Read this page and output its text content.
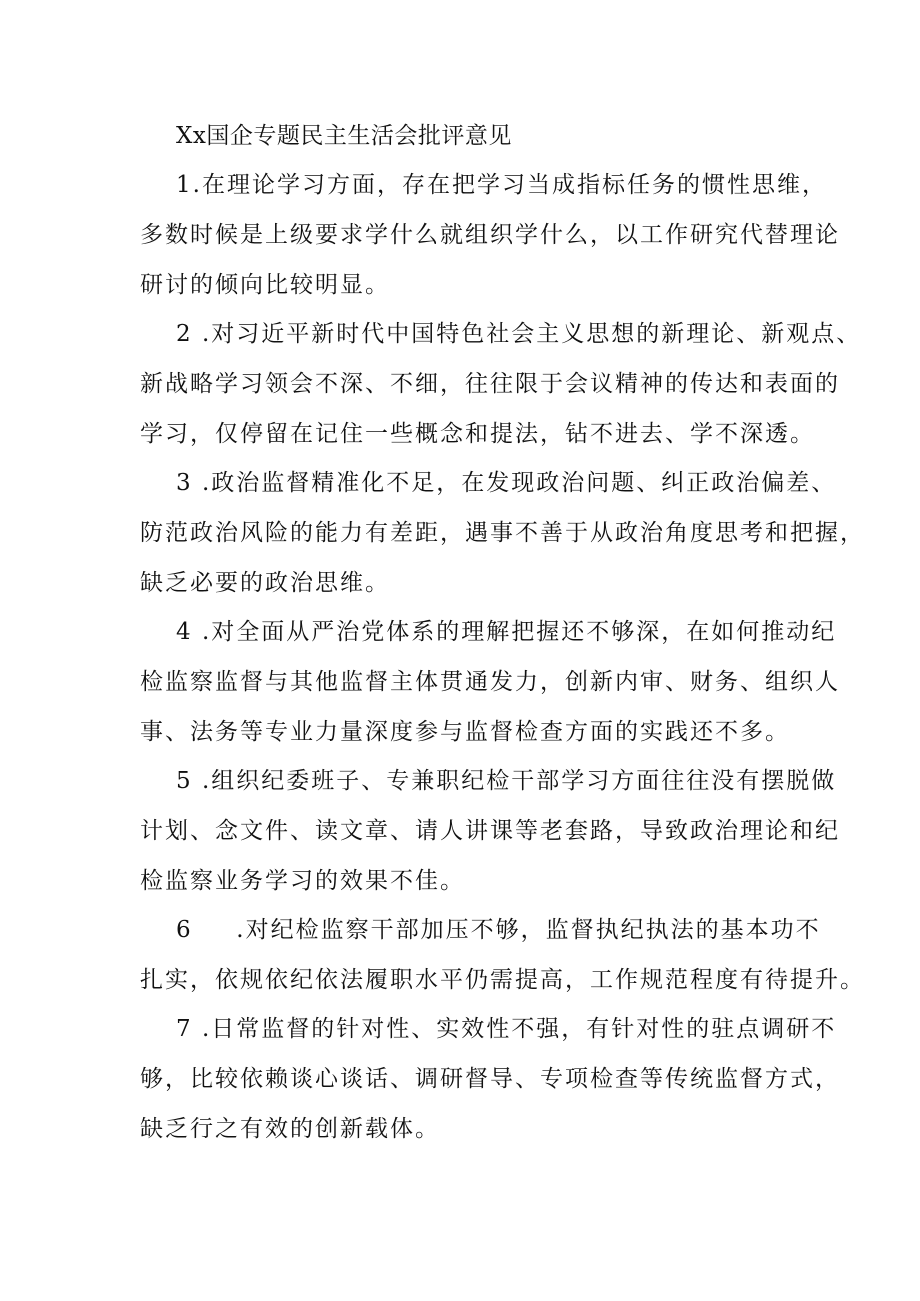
Xx国企专题民主生活会批评意见
1.在理论学习方面，存在把学习当成指标任务的惯性思维，
多数时候是上级要求学什么就组织学什么，以工作研究代替理论
研讨的倾向比较明显。
2 .对习近平新时代中国特色社会主义思想的新理论、新观点、
新战略学习领会不深、不细，往往限于会议精神的传达和表面的
学习，仅停留在记住一些概念和提法，钻不进去、学不深透。
3 .政治监督精准化不足，在发现政治问题、纠正政治偏差、
防范政治风险的能力有差距，遇事不善于从政治角度思考和把握，
缺乏必要的政治思维。
4 .对全面从严治党体系的理解把握还不够深，在如何推动纪
检监察监督与其他监督主体贯通发力，创新内审、财务、组织人
事、法务等专业力量深度参与监督检查方面的实践还不多。
5 .组织纪委班子、专兼职纪检干部学习方面往往没有摆脱做
计划、念文件、读文章、请人讲课等老套路，导致政治理论和纪
检监察业务学习的效果不佳。
6　  .对纪检监察干部加压不够，监督执纪执法的基本功不
扎实，依规依纪依法履职水平仍需提高，工作规范程度有待提升。
7 .日常监督的针对性、实效性不强，有针对性的驻点调研不
够，比较依赖谈心谈话、调研督导、专项检查等传统监督方式，
缺乏行之有效的创新载体。
